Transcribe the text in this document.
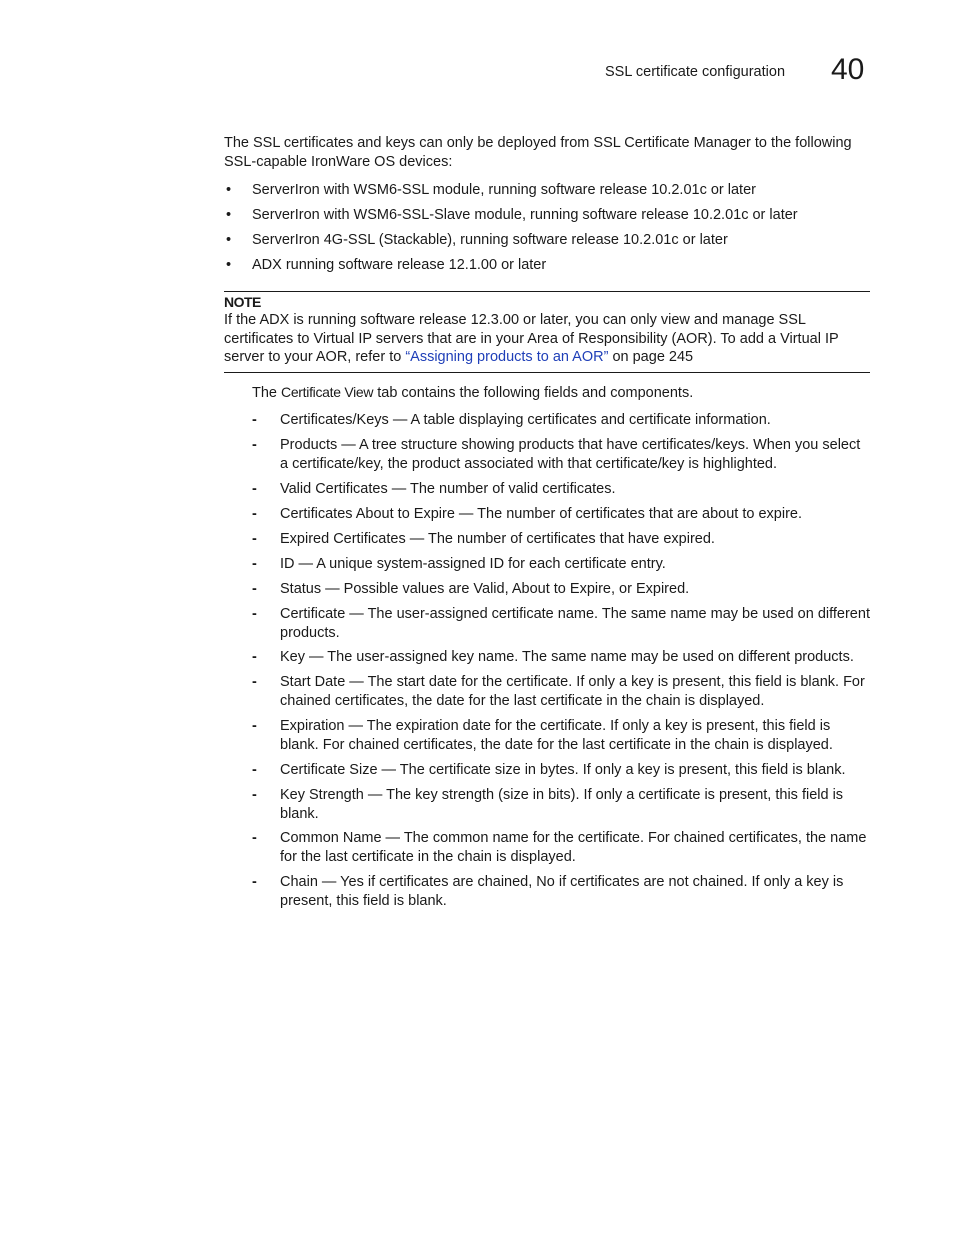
SSL certificate configuration 40

The SSL certificates and keys can only be deployed from SSL Certificate Manager to the following SSL-capable IronWare OS devices:

• ServerIron with WSM6-SSL module, running software release 10.2.01c or later
• ServerIron with WSM6-SSL-Slave module, running software release 10.2.01c or later
• ServerIron 4G-SSL (Stackable), running software release 10.2.01c or later
• ADX running software release 12.1.00 or later
NOTE
If the ADX is running software release 12.3.00 or later, you can only view and manage SSL certificates to Virtual IP servers that are in your Area of Responsibility (AOR). To add a Virtual IP server to your AOR, refer to “Assigning products to an AOR” on page 245
The Certificate View tab contains the following fields and components.
- Certificates/Keys — A table displaying certificates and certificate information.
- Products — A tree structure showing products that have certificates/keys. When you select a certificate/key, the product associated with that certificate/key is highlighted.
- Valid Certificates — The number of valid certificates.
- Certificates About to Expire — The number of certificates that are about to expire.
- Expired Certificates — The number of certificates that have expired.
- ID — A unique system-assigned ID for each certificate entry.
- Status — Possible values are Valid, About to Expire, or Expired.
- Certificate — The user-assigned certificate name. The same name may be used on different products.
- Key — The user-assigned key name. The same name may be used on different products.
- Start Date — The start date for the certificate. If only a key is present, this field is blank. For chained certificates, the date for the last certificate in the chain is displayed.
- Expiration — The expiration date for the certificate. If only a key is present, this field is blank. For chained certificates, the date for the last certificate in the chain is displayed.
- Certificate Size — The certificate size in bytes. If only a key is present, this field is blank.
- Key Strength — The key strength (size in bits). If only a certificate is present, this field is blank.
- Common Name — The common name for the certificate. For chained certificates, the name for the last certificate in the chain is displayed.
- Chain — Yes if certificates are chained, No if certificates are not chained. If only a key is present, this field is blank.
